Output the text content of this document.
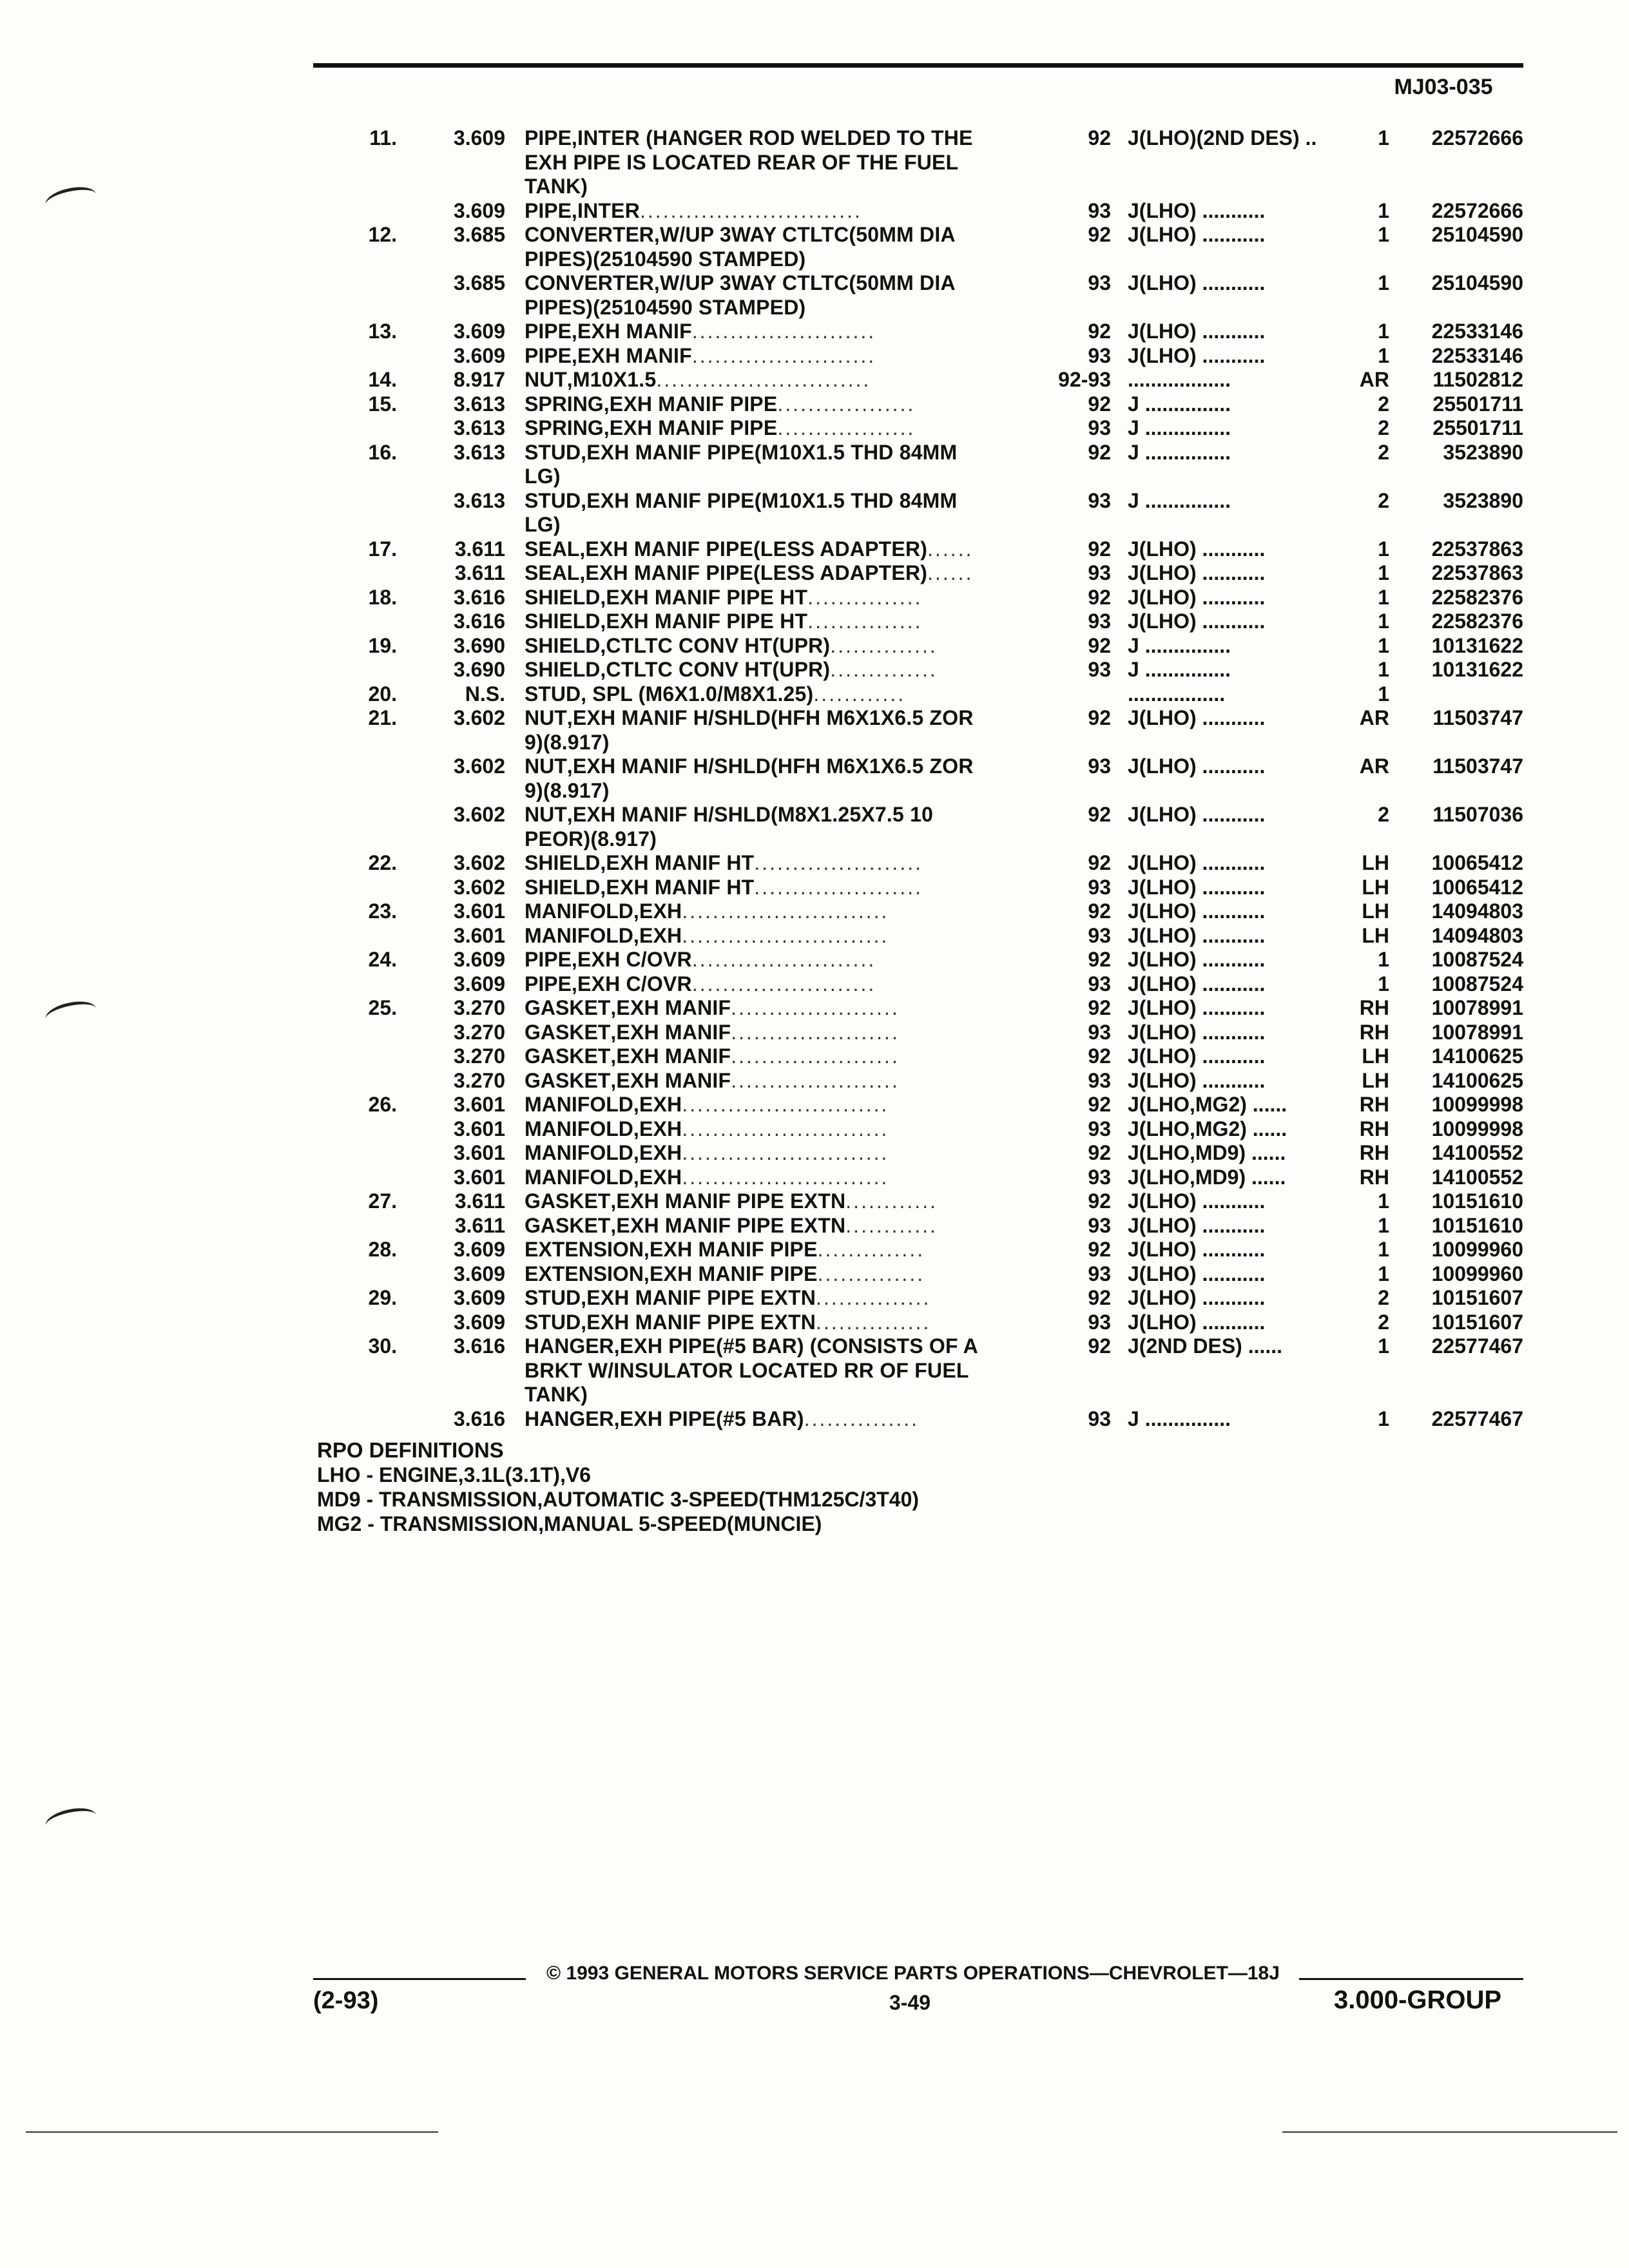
MJ03-035
11.	3.609 PIPE,INTER (HANGER ROD WELDED TO THE	92 J(LHO)(2ND DES) ..	1	22572666
EXH PIPE IS LOCATED REAR OF THE FUEL
TANK)
3.609 PIPE,INTER.............................	93 J(LHO) ...........	1	22572666
12.	3.685 CONVERTER,W/UP 3WAY CTLTC(50MM DIA	92 J(LHO) ...........	1	25104590
PIPES)(25104590 STAMPED)
3.685 CONVERTER,W/UP 3WAY CTLTC(50MM DIA	93 J(LHO) ...........	1	25104590
PIPES)(25104590 STAMPED)
13.	3.609 PIPE,EXH MANIF........................	92 J(LHO) ...........	1	22533146
3.609 PIPE,EXH MANIF........................	93 J(LHO) ...........	1	22533146
14.	8.917 NUT,M10X1.5............................	92-93 ..................	AR	11502812
15.	3.613 SPRING,EXH MANIF PIPE..................	92 J ...............	2	25501711
3.613 SPRING,EXH MANIF PIPE..................	93 J ...............	2	25501711
16.	3.613 STUD,EXH MANIF PIPE(M10X1.5 THD 84MM	92 J ...............	2	3523890
LG)
3.613 STUD,EXH MANIF PIPE(M10X1.5 THD 84MM	93 J ...............	2	3523890
LG)
17.	3.611 SEAL,EXH MANIF PIPE(LESS ADAPTER)......	92 J(LHO) ...........	1	22537863
3.611 SEAL,EXH MANIF PIPE(LESS ADAPTER)......	93 J(LHO) ...........	1	22537863
18.	3.616 SHIELD,EXH MANIF PIPE HT...............	92 J(LHO) ...........	1	22582376
3.616 SHIELD,EXH MANIF PIPE HT...............	93 J(LHO) ...........	1	22582376
19.	3.690 SHIELD,CTLTC CONV HT(UPR)..............	92 J ...............	1	10131622
3.690 SHIELD,CTLTC CONV HT(UPR)..............	93 J ...............	1	10131622
20.	N.S. STUD, SPL (M6X1.0/M8X1.25)............	.................	1
21.	3.602 NUT,EXH MANIF H/SHLD(HFH M6X1X6.5 ZOR	92 J(LHO) ...........	AR	11503747
9)(8.917)
3.602 NUT,EXH MANIF H/SHLD(HFH M6X1X6.5 ZOR	93 J(LHO) ...........	AR	11503747
9)(8.917)
3.602 NUT,EXH MANIF H/SHLD(M8X1.25X7.5 10	92 J(LHO) ...........	2	11507036
PEOR)(8.917)
22.	3.602 SHIELD,EXH MANIF HT......................	92 J(LHO) ...........	LH	10065412
3.602 SHIELD,EXH MANIF HT......................	93 J(LHO) ...........	LH	10065412
23.	3.601 MANIFOLD,EXH...........................	92 J(LHO) ...........	LH	14094803
3.601 MANIFOLD,EXH...........................	93 J(LHO) ...........	LH	14094803
24.	3.609 PIPE,EXH C/OVR........................	92 J(LHO) ...........	1	10087524
3.609 PIPE,EXH C/OVR........................	93 J(LHO) ...........	1	10087524
25.	3.270 GASKET,EXH MANIF......................	92 J(LHO) ...........	RH	10078991
3.270 GASKET,EXH MANIF......................	93 J(LHO) ...........	RH	10078991
3.270 GASKET,EXH MANIF......................	92 J(LHO) ...........	LH	14100625
3.270 GASKET,EXH MANIF......................	93 J(LHO) ...........	LH	14100625
26.	3.601 MANIFOLD,EXH...........................	92 J(LHO,MG2) ......	RH	10099998
3.601 MANIFOLD,EXH...........................	93 J(LHO,MG2) ......	RH	10099998
3.601 MANIFOLD,EXH...........................	92 J(LHO,MD9) ......	RH	14100552
3.601 MANIFOLD,EXH...........................	93 J(LHO,MD9) ......	RH	14100552
27.	3.611 GASKET,EXH MANIF PIPE EXTN............	92 J(LHO) ...........	1	10151610
3.611 GASKET,EXH MANIF PIPE EXTN............	93 J(LHO) ...........	1	10151610
28.	3.609 EXTENSION,EXH MANIF PIPE..............	92 J(LHO) ...........	1	10099960
3.609 EXTENSION,EXH MANIF PIPE..............	93 J(LHO) ...........	1	10099960
29.	3.609 STUD,EXH MANIF PIPE EXTN...............	92 J(LHO) ...........	2	10151607
3.609 STUD,EXH MANIF PIPE EXTN...............	93 J(LHO) ...........	2	10151607
30.	3.616 HANGER,EXH PIPE(#5 BAR) (CONSISTS OF A	92 J(2ND DES) ......	1	22577467
BRKT W/INSULATOR LOCATED RR OF FUEL
TANK)
3.616 HANGER,EXH PIPE(#5 BAR)...............	93 J ...............	1	22577467
RPO DEFINITIONS
LHO - ENGINE,3.1L(3.1T),V6
MD9 - TRANSMISSION,AUTOMATIC 3-SPEED(THM125C/3T40)
MG2 - TRANSMISSION,MANUAL 5-SPEED(MUNCIE)
© 1993 GENERAL MOTORS SERVICE PARTS OPERATIONS—CHEVROLET—18J
(2-93)	3-49	3.000-GROUP
